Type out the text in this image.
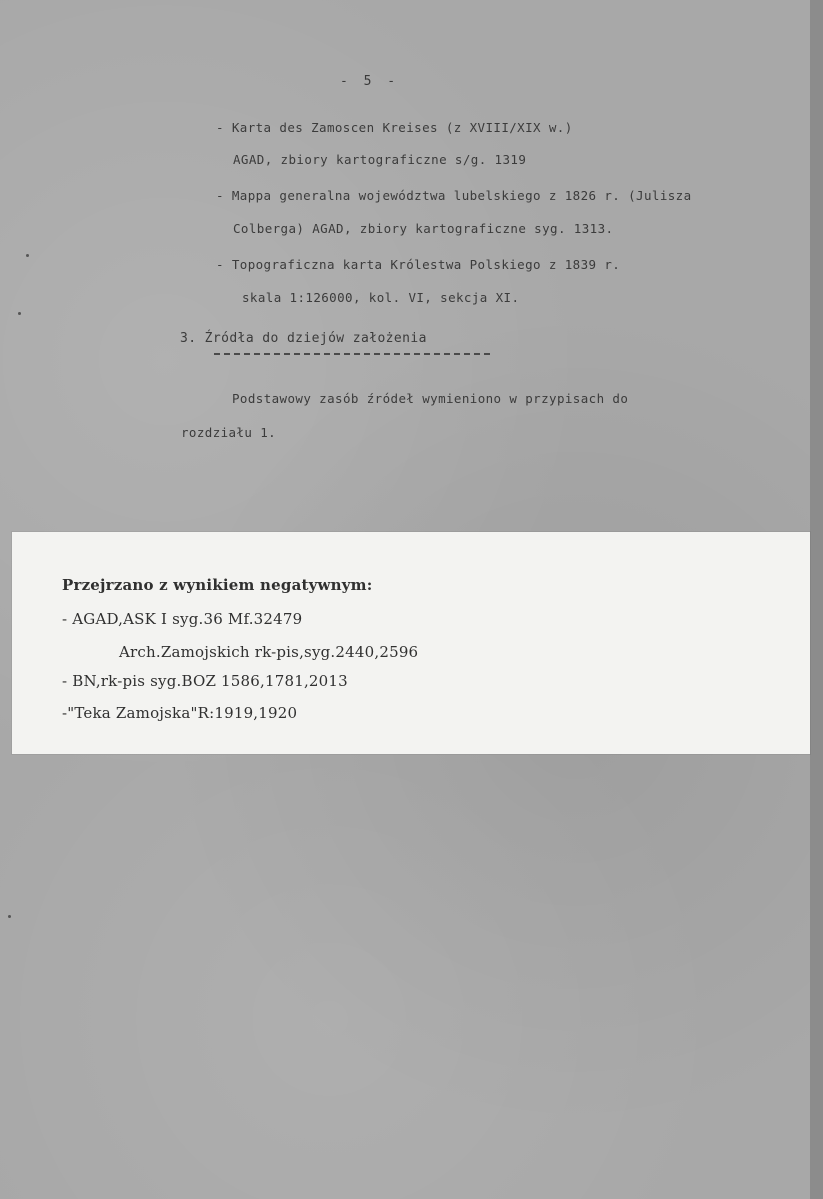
- 5 -
- Karta des Zamoscen Kreises (z XVIII/XIX w.)
AGAD, zbiory kartograficzne s/g. 1319
- Mappa generalna województwa lubelskiego z 1826 r. (Julisza
Colberga) AGAD, zbiory kartograficzne syg. 1313.
- Topograficzna karta Królestwa Polskiego z 1839 r.
skala 1:126000, kol. VI, sekcja XI.
3. Źródła do dziejów założenia
Podstawowy zasób źródeł wymieniono w przypisach do
rozdziału 1.
Przejrzano z wynikiem negatywnym:
- AGAD,ASK I syg.36 Mf.32479
Arch.Zamojskich rk-pis,syg.2440,2596
- BN,rk-pis syg.BOZ 1586,1781,2013
-"Teka Zamojska"R:1919,1920
